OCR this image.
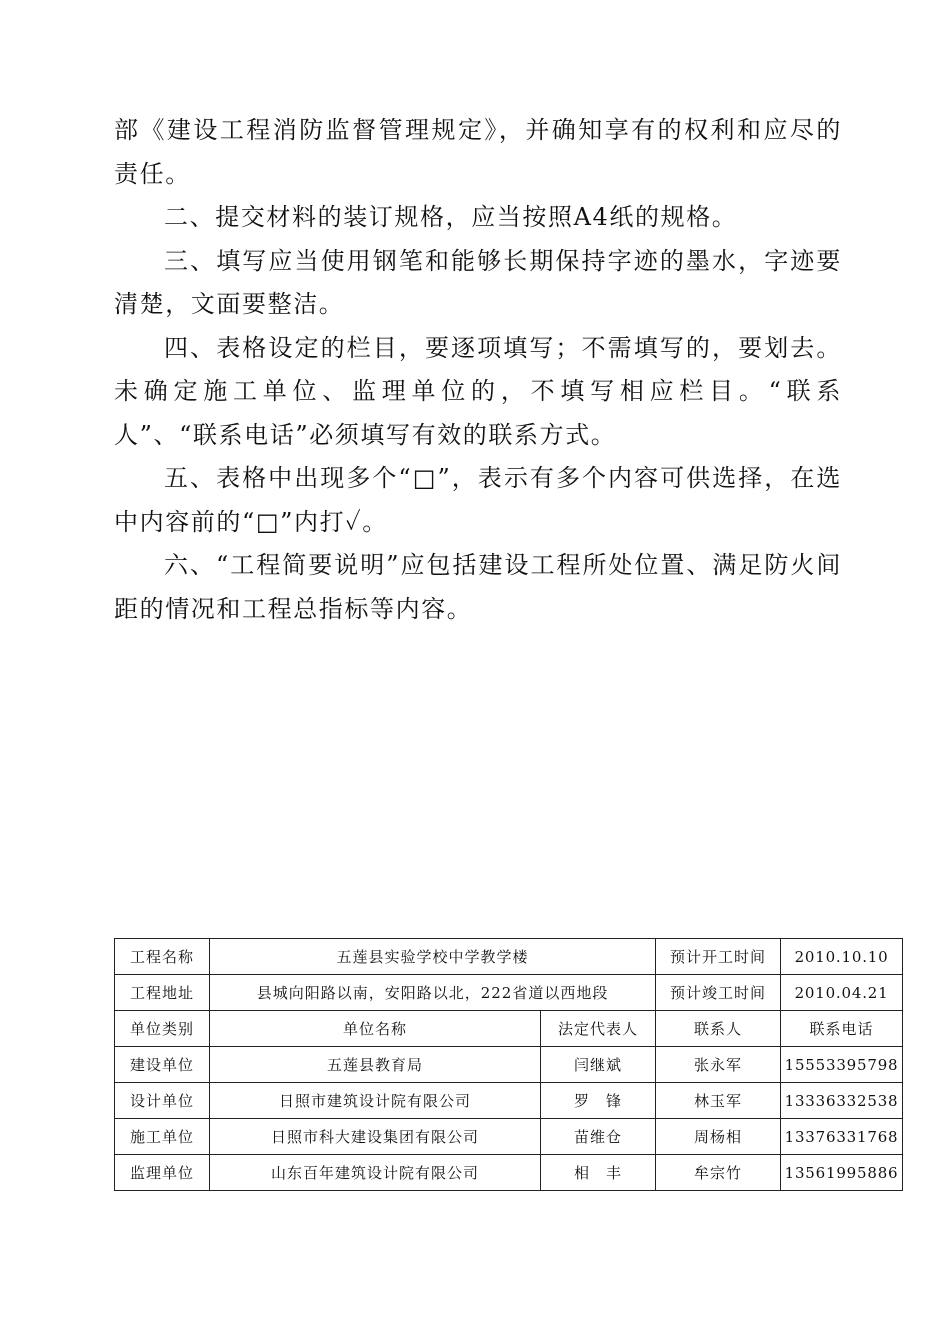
部《建设工程消防监督管理规定》，并确知享有的权利和应尽的责任。

二、提交材料的装订规格，应当按照A4纸的规格。

三、填写应当使用钢笔和能够长期保持字迹的墨水，字迹要清楚，文面要整洁。

四、表格设定的栏目，要逐项填写；不需填写的，要划去。未确定施工单位、监理单位的，不填写相应栏目。“联系人”、“联系电话”必须填写有效的联系方式。

五、表格中出现多个“□”，表示有多个内容可供选择，在选中内容前的“□”内打✓。

六、“工程简要说明”应包括建设工程所处位置、满足防火间距的情况和工程总指标等内容。

工程名称	五莲县实验学校中学教学楼		预计开工时间	2010.10.10
工程地址	县城向阳路以南，安阳路以北，222省道以西地段		预计竣工时间	2010.04.21
单位类别	单位名称	法定代表人	联系人	联系电话
建设单位	五莲县教育局	闫继斌	张永军	15553395798
设计单位	日照市建筑设计院有限公司	罗　锋	林玉军	13336332538
施工单位	日照市科大建设集团有限公司	苗维仓	周杨相	13376331768
监理单位	山东百年建筑设计院有限公司	相　丰	牟宗竹	13561995886
